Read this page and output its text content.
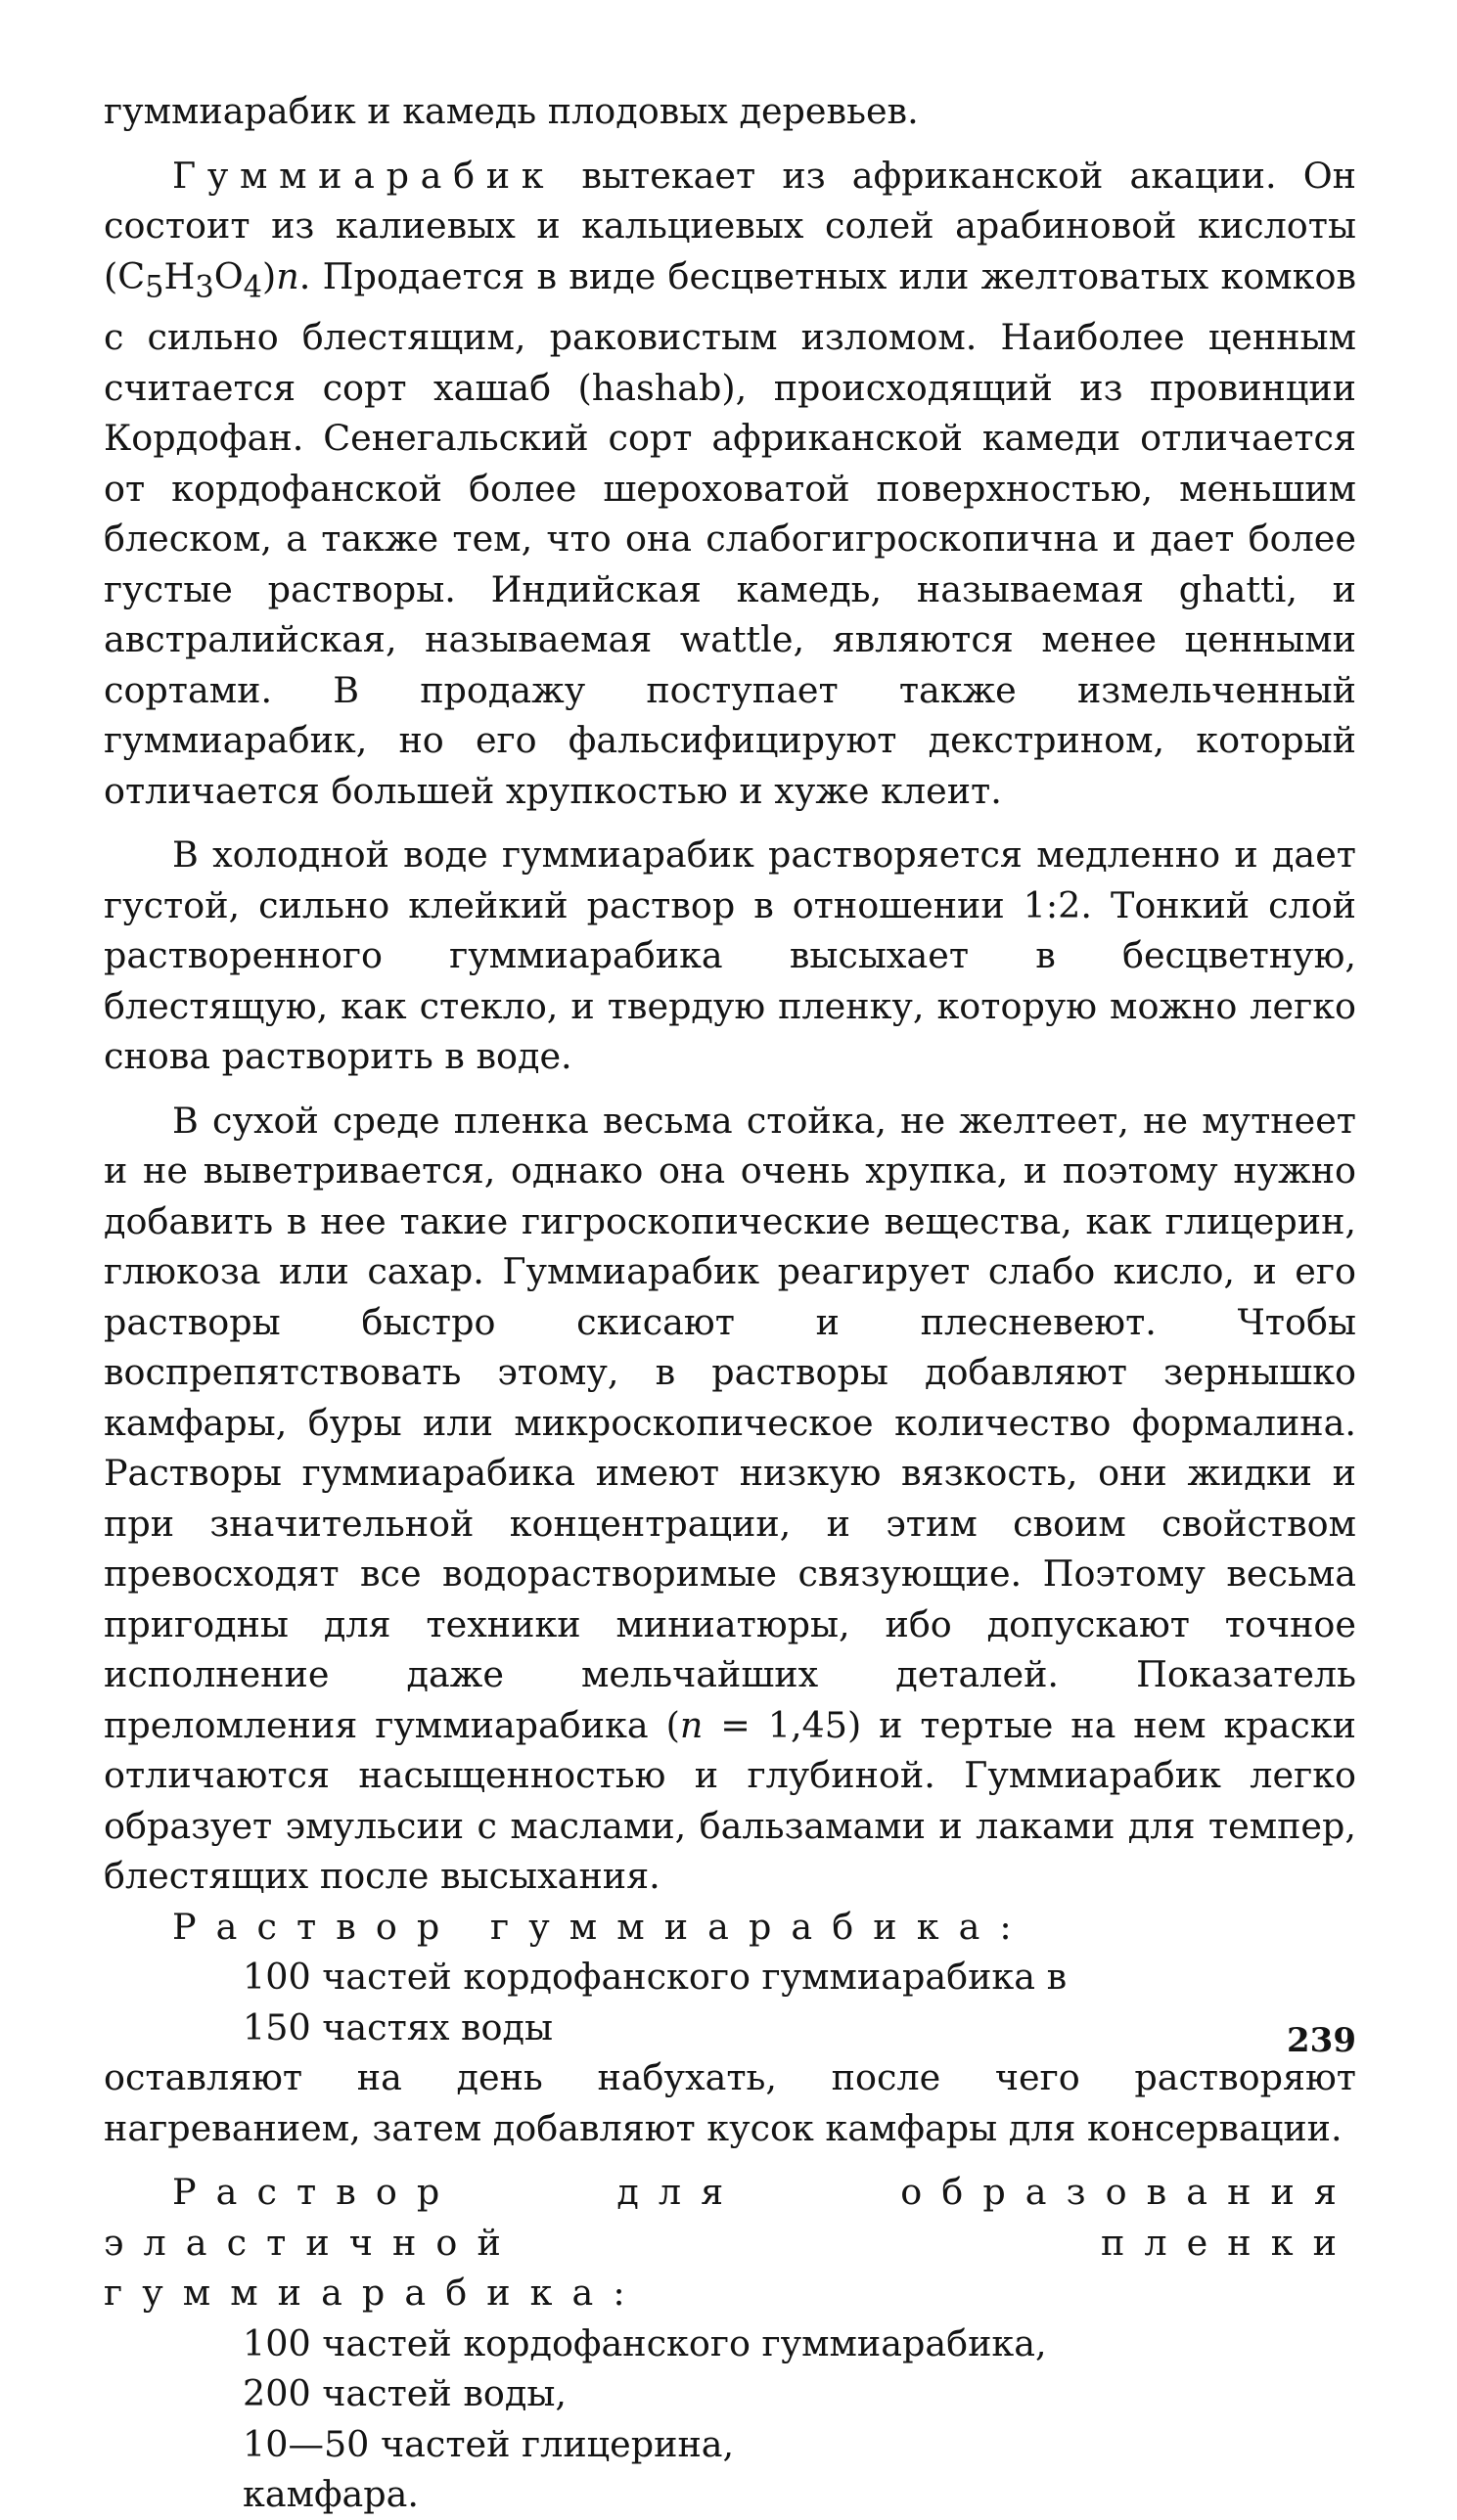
гуммиарабик и камедь плодовых деревьев.

Гуммиарабик вытекает из африканской акации. Он состоит из калиевых и кальциевых солей арабиновой кислоты $(C_5H_3O_4)n$. Продается в виде бесцветных или желтоватых комков с сильно блестящим, раковистым изломом. Наиболее ценным считается сорт хашаб (hashab), происходящий из провинции Кордофан. Сенегальский сорт африканской камеди отличается от кордофанской более шероховатой поверхностью, меньшим блеском, а также тем, что она слабогигроскопична и дает более густые растворы. Индийская камедь, называемая ghatti, и австралийская, называемая wattle, являются менее ценными сортами. В продажу поступает также измельченный гуммиарабик, но его фальсифицируют декстрином, который отличается большей хрупкостью и хуже клеит.

В холодной воде гуммиарабик растворяется медленно и дает густой, сильно клейкий раствор в отношении 1:2. Тонкий слой растворенного гуммиарабика высыхает в бесцветную, блестящую, как стекло, и твердую пленку, которую можно легко снова растворить в воде.

В сухой среде пленка весьма стойка, не желтеет, не мутнеет и не выветривается, однако она очень хрупка, и поэтому нужно добавить в нее такие гигроскопические вещества, как глицерин, глюкоза или сахар. Гуммиарабик реагирует слабо кисло, и его растворы быстро скисают и плесневеют. Чтобы воспрепятствовать этому, в растворы добавляют зернышко камфары, буры или микроскопическое количество формалина. Растворы гуммиарабика имеют низкую вязкость, они жидки и при значительной концентрации, и этим своим свойством превосходят все водорастворимые связующие. Поэтому весьма пригодны для техники миниатюры, ибо допускают точное исполнение даже мельчайших деталей. Показатель преломления гуммиарабика (n = 1,45) и тертые на нем краски отличаются насыщенностью и глубиной. Гуммиарабик легко образует эмульсии с маслами, бальзамами и лаками для темпер, блестящих после высыхания.

Раствор гуммиарабика:

100 частей кордофанского гуммиарабика в
150 частях воды

оставляют на день набухать, после чего растворяют нагреванием, затем добавляют кусок камфары для консервации.

Раствор для образования эластичной пленки гуммиарабика:

100 частей кордофанского гуммиарабика,
200 частей воды,
10—50 частей глицерина,
камфара.
239
